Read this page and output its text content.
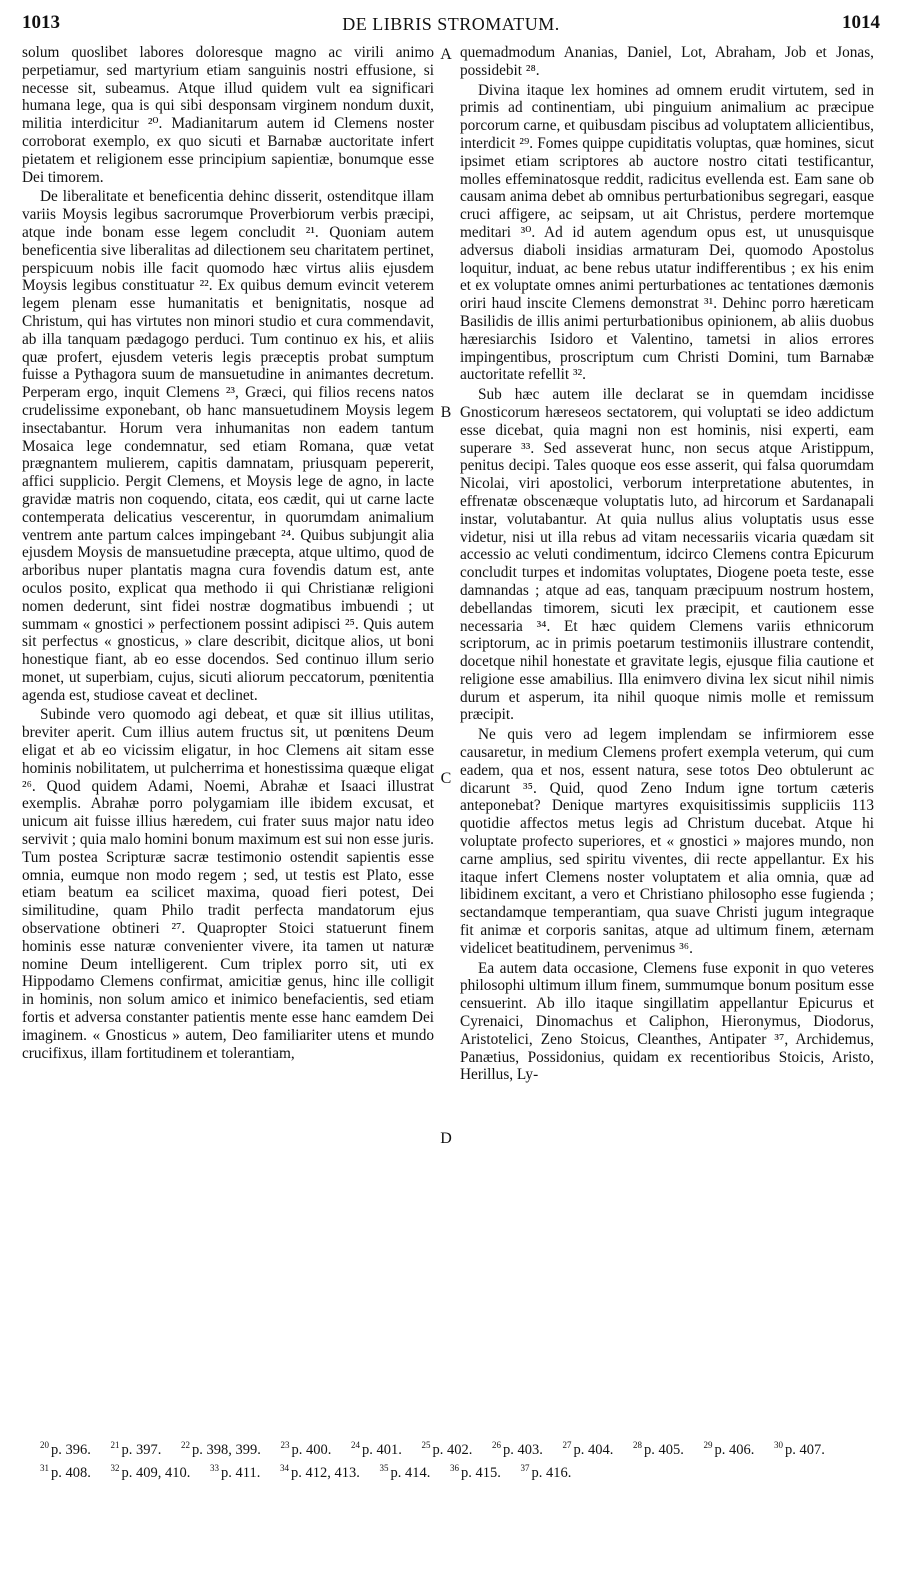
1013	DE LIBRIS STROMATUM.	1014

solum quoslibet labores doloresque magno ac virili animo perpetiamur, sed martyrium etiam sanguinis nostri effusione, si necesse sit, subeamus. Atque illud quidem vult ea significari humana lege, qua is qui sibi desponsam virginem nondum duxit, militia interdicitur ²⁰. Madianitarum autem id Clemens noster corroborat exemplo, ex quo sicuti et Barnabæ auctoritate infert pietatem et religionem esse principium sapientiæ, bonumque esse Dei timorem.

De liberalitate et beneficentia dehinc disserit, ostenditque illam variis Moysis legibus sacrorumque Proverbiorum verbis præcipi, atque inde bonam esse legem concludit ²¹. Quoniam autem beneficentia sive liberalitas ad dilectionem seu charitatem pertinet, perspicuum nobis ille facit quomodo hæc virtus aliis ejusdem Moysis legibus constituatur ²². Ex quibus demum evincit veterem legem plenam esse humanitatis et benignitatis, nosque ad Christum, qui has virtutes non minori studio et cura commendavit, ab illa tanquam pædagogo perduci. Tum continuo ex his, et aliis quæ profert, ejusdem veteris legis præceptis probat sumptum fuisse a Pythagora suum de mansuetudine in animantes decretum. Perperam ergo, inquit Clemens ²³, Græci, qui filios recens natos crudelissime exponebant, ob hanc mansuetudinem Moysis legem insectabantur. Horum vera inhumanitas non eadem tantum Mosaica lege condemnatur, sed etiam Romana, quæ vetat prægnantem mulierem, capitis damnatam, priusquam pepererit, affici supplicio. Pergit Clemens, et Moysis lege de agno, in lacte gravidæ matris non coquendo, citata, eos cædit, qui ut carne lacte contemperata delicatius vescerentur, in quorumdam animalium ventrem ante partum calces impingebant ²⁴. Quibus subjungit alia ejusdem Moysis de mansuetudine præcepta, atque ultimo, quod de arboribus nuper plantatis magna cura fovendis datum est, ante oculos posito, explicat qua methodo ii qui Christianæ religioni nomen dederunt, sint fidei nostræ dogmatibus imbuendi ; ut summam « gnostici » perfectionem possint adipisci ²⁵. Quis autem sit perfectus « gnosticus, » clare describit, dicitque alios, ut boni honestique fiant, ab eo esse docendos. Sed continuo illum serio monet, ut superbiam, cujus, sicuti aliorum peccatorum, pœnitentia agenda est, studiose caveat et declinet.

Subinde vero quomodo agi debeat, et quæ sit illius utilitas, breviter aperit. Cum illius autem fructus sit, ut pœnitens Deum eligat et ab eo vicissim eligatur, in hoc Clemens ait sitam esse hominis nobilitatem, ut pulcherrima et honestissima quæque eligat ²⁶. Quod quidem Adami, Noemi, Abrahæ et Isaaci illustrat exemplis. Abrahæ porro polygamiam ille ibidem excusat, et unicum ait fuisse illius hæredem, cui frater suus major natu ideo servivit ; quia malo homini bonum maximum est sui non esse juris. Tum postea Scripturæ sacræ testimonio ostendit sapientis esse omnia, eumque non modo regem ; sed, ut testis est Plato, esse etiam beatum ea scilicet maxima, quoad fieri potest, Dei similitudine, quam Philo tradit perfecta mandatorum ejus observatione obtineri ²⁷. Quapropter Stoici statuerunt finem hominis esse naturæ convenienter vivere, ita tamen ut naturæ nomine Deum intelligerent. Cum triplex porro sit, uti ex Hippodamo Clemens confirmat, amicitiæ genus, hinc ille colligit in hominis, non solum amico et inimico benefacientis, sed etiam fortis et adversa constanter patientis mente esse hanc eamdem Dei imaginem. « Gnosticus » autem, Deo familiariter utens et mundo crucifixus, illam fortitudinem et tolerantiam,

A
B
C
D

quemadmodum Ananias, Daniel, Lot, Abraham, Job et Jonas, possidebit ²⁸.

Divina itaque lex homines ad omnem erudit virtutem, sed in primis ad continentiam, ubi pinguium animalium ac præcipue porcorum carne, et quibusdam piscibus ad voluptatem allicientibus, interdicit ²⁹. Fomes quippe cupiditatis voluptas, quæ homines, sicut ipsimet etiam scriptores ab auctore nostro citati testificantur, molles effeminatosque reddit, radicitus evellenda est. Eam sane ob causam anima debet ab omnibus perturbationibus segregari, easque cruci affigere, ac seipsam, ut ait Christus, perdere mortemque meditari ³⁰. Ad id autem agendum opus est, ut unusquisque adversus diaboli insidias armaturam Dei, quomodo Apostolus loquitur, induat, ac bene rebus utatur indifferentibus ; ex his enim et ex voluptate omnes animi perturbationes ac tentationes dæmonis oriri haud inscite Clemens demonstrat ³¹. Dehinc porro hæreticam Basilidis de illis animi perturbationibus opinionem, ab aliis duobus hæresiarchis Isidoro et Valentino, tametsi in alios errores impingentibus, proscriptum cum Christi Domini, tum Barnabæ auctoritate refellit ³².

Sub hæc autem ille declarat se in quemdam incidisse Gnosticorum hæreseos sectatorem, qui voluptati se ideo addictum esse dicebat, quia magni non est hominis, nisi experti, eam superare ³³. Sed asseverat hunc, non secus atque Aristippum, penitus decipi. Tales quoque eos esse asserit, qui falsa quorumdam Nicolai, viri apostolici, verborum interpretatione abutentes, in effrenatæ obscenæque voluptatis luto, ad hircorum et Sardanapali instar, volutabantur. At quia nullus alius voluptatis usus esse videtur, nisi ut illa rebus ad vitam necessariis vicaria quædam sit accessio ac veluti condimentum, idcirco Clemens contra Epicurum concludit turpes et indomitas voluptates, Diogene poeta teste, esse damnandas ; atque ad eas, tanquam præcipuum nostrum hostem, debellandas timorem, sicuti lex præcipit, et cautionem esse necessaria ³⁴. Et hæc quidem Clemens variis ethnicorum scriptorum, ac in primis poetarum testimoniis illustrare contendit, docetque nihil honestate et gravitate legis, ejusque filia cautione et religione esse amabilius. Illa enimvero divina lex sicut nihil nimis durum et asperum, ita nihil quoque nimis molle et remissum præcipit.

Ne quis vero ad legem implendam se infirmiorem esse causaretur, in medium Clemens profert exempla veterum, qui cum eadem, qua et nos, essent natura, sese totos Deo obtulerunt ac dicarunt ³⁵. Quid, quod Zeno Indum igne tortum cæteris anteponebat? Denique martyres exquisitissimis suppliciis 113 quotidie affectos metus legis ad Christum ducebat. Atque hi voluptate profecto superiores, et « gnostici » majores mundo, non carne amplius, sed spiritu viventes, dii recte appellantur. Ex his itaque infert Clemens noster voluptatem et alia omnia, quæ ad libidinem excitant, a vero et Christiano philosopho esse fugienda ; sectandamque temperantiam, qua suave Christi jugum integraque fit animæ et corporis sanitas, atque ad ultimum finem, æternam videlicet beatitudinem, pervenimus ³⁶.

Ea autem data occasione, Clemens fuse exponit in quo veteres philosophi ultimum illum finem, summumque bonum positum esse censuerint. Ab illo itaque singillatim appellantur Epicurus et Cyrenaici, Dinomachus et Caliphon, Hieronymus, Diodorus, Aristotelici, Zeno Stoicus, Cleanthes, Antipater ³⁷, Archidemus, Panætius, Possidonius, quidam ex recentioribus Stoicis, Aristo, Herillus, Ly-

$^{20}$ p. 396. $^{21}$ p. 397. $^{22}$ p. 398, 399. $^{23}$ p. 400. $^{24}$ p. 401. $^{25}$ p. 402. $^{26}$ p. 403. $^{27}$ p. 404. $^{28}$ p. 405. $^{29}$ p. 406. $^{30}$ p. 407. $^{31}$ p. 408. $^{32}$ p. 409, 410. $^{33}$ p. 411. $^{34}$ p. 412, 413. $^{35}$ p. 414. $^{36}$ p. 415. $^{37}$ p. 416.
